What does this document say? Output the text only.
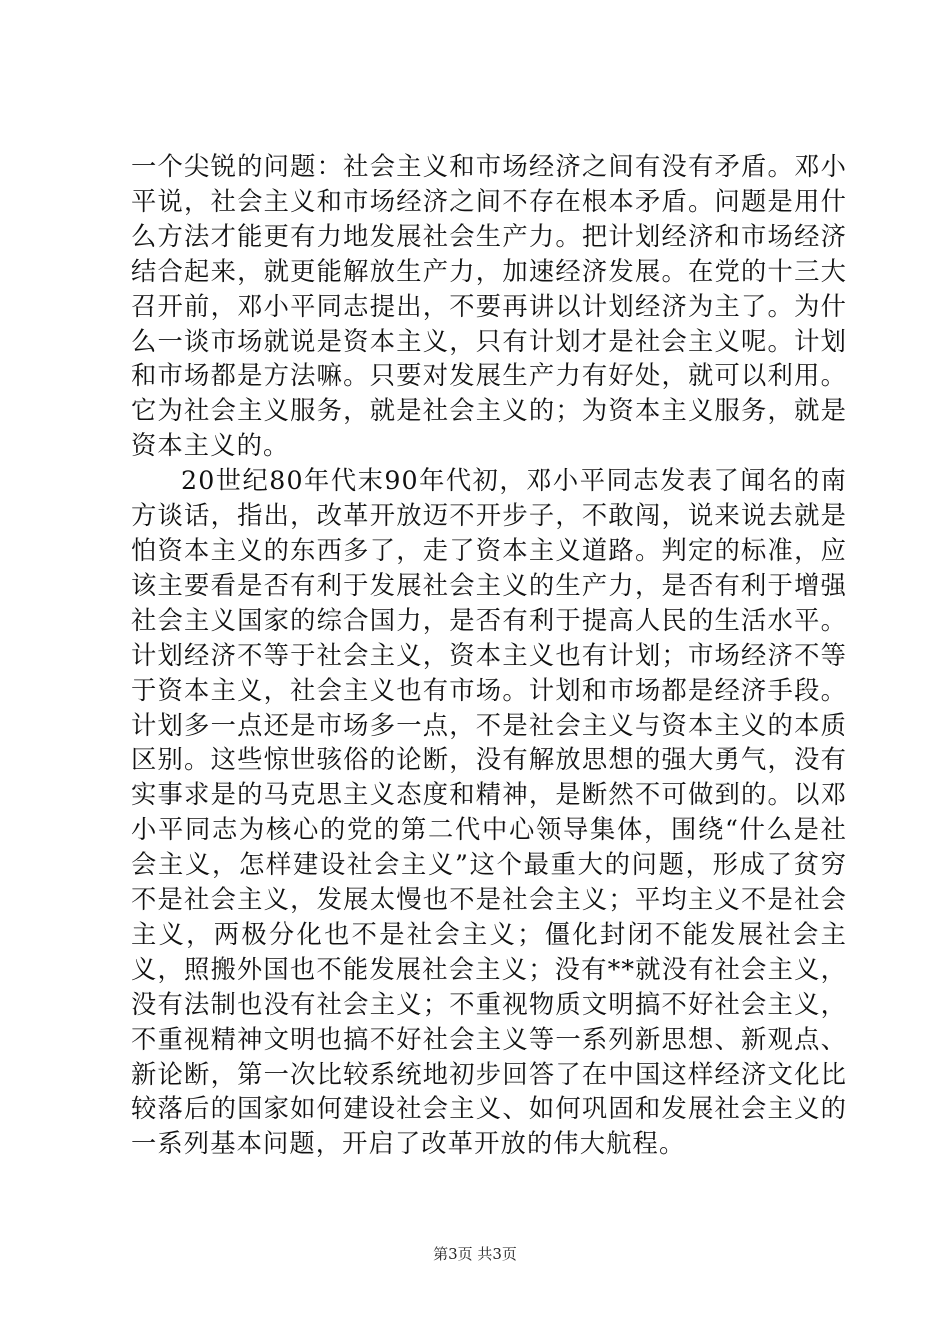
一个尖锐的问题：社会主义和市场经济之间有没有矛盾。邓小平说，社会主义和市场经济之间不存在根本矛盾。问题是用什么方法才能更有力地发展社会生产力。把计划经济和市场经济结合起来，就更能解放生产力，加速经济发展。在党的十三大召开前，邓小平同志提出，不要再讲以计划经济为主了。为什么一谈市场就说是资本主义，只有计划才是社会主义呢。计划和市场都是方法嘛。只要对发展生产力有好处，就可以利用。它为社会主义服务，就是社会主义的；为资本主义服务，就是资本主义的。

20世纪80年代末90年代初，邓小平同志发表了闻名的南方谈话，指出，改革开放迈不开步子，不敢闯，说来说去就是怕资本主义的东西多了，走了资本主义道路。判定的标准，应该主要看是否有利于发展社会主义的生产力，是否有利于增强社会主义国家的综合国力，是否有利于提高人民的生活水平。计划经济不等于社会主义，资本主义也有计划；市场经济不等于资本主义，社会主义也有市场。计划和市场都是经济手段。计划多一点还是市场多一点，不是社会主义与资本主义的本质区别。这些惊世骇俗的论断，没有解放思想的强大勇气，没有实事求是的马克思主义态度和精神，是断然不可做到的。以邓小平同志为核心的党的第二代中心领导集体，围绕“什么是社会主义，怎样建设社会主义”这个最重大的问题，形成了贫穷不是社会主义，发展太慢也不是社会主义；平均主义不是社会主义，两极分化也不是社会主义；僵化封闭不能发展社会主义，照搬外国也不能发展社会主义；没有**就没有社会主义，没有法制也没有社会主义；不重视物质文明搞不好社会主义，不重视精神文明也搞不好社会主义等一系列新思想、新观点、新论断，第一次比较系统地初步回答了在中国这样经济文化比较落后的国家如何建设社会主义、如何巩固和发展社会主义的一系列基本问题，开启了改革开放的伟大航程。

第3页 共3页
